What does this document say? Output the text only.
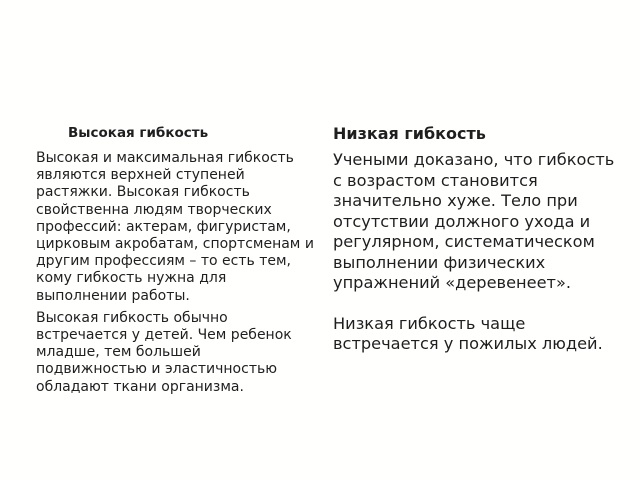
Высокая гибкость

Высокая и максимальная гибкость являются верхней ступеней растяжки. Высокая гибкость свойственна людям творческих профессий: актерам, фигуристам, цирковым акробатам, спортсменам и другим профессиям – то есть тем, кому гибкость нужна для выполнении работы.

Высокая гибкость обычно встречается у детей. Чем ребенок младше, тем большей подвижностью и эластичностью обладают ткани организма.

Низкая гибкость

Учеными доказано, что гибкость с возрастом становится значительно хуже. Тело при отсутствии должного ухода и регулярном, систематическом выполнении физических упражнений «деревенеет».

Низкая гибкость чаще встречается у пожилых людей.
